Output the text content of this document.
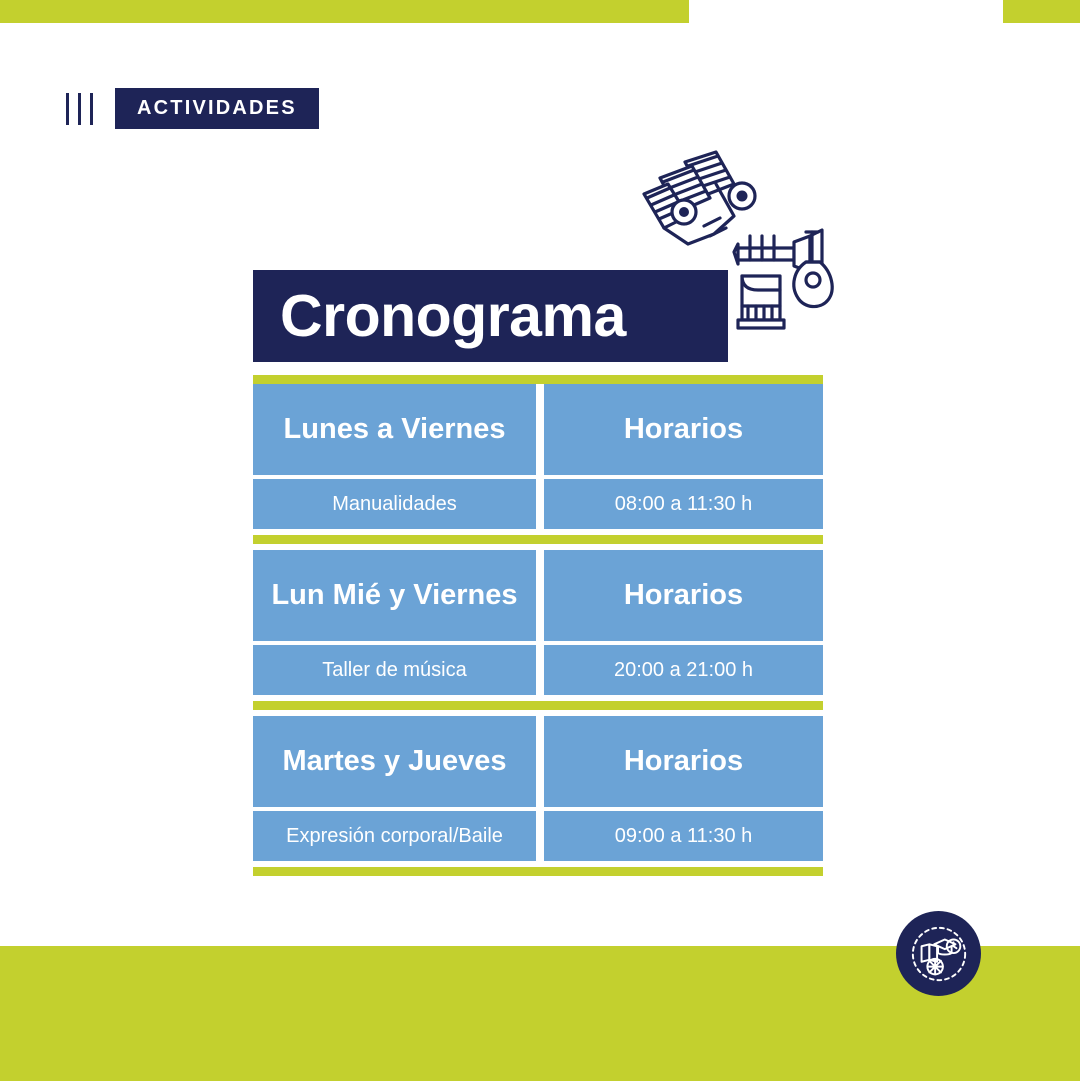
ACTIVIDADES
Cronograma
Lunes a Viernes	Horarios
Manualidades	08:00 a 11:30 h
Lun Mié y Viernes	Horarios
Taller de música	20:00 a 21:00 h
Martes y Jueves	Horarios
Expresión corporal/Baile	09:00 a 11:30 h
